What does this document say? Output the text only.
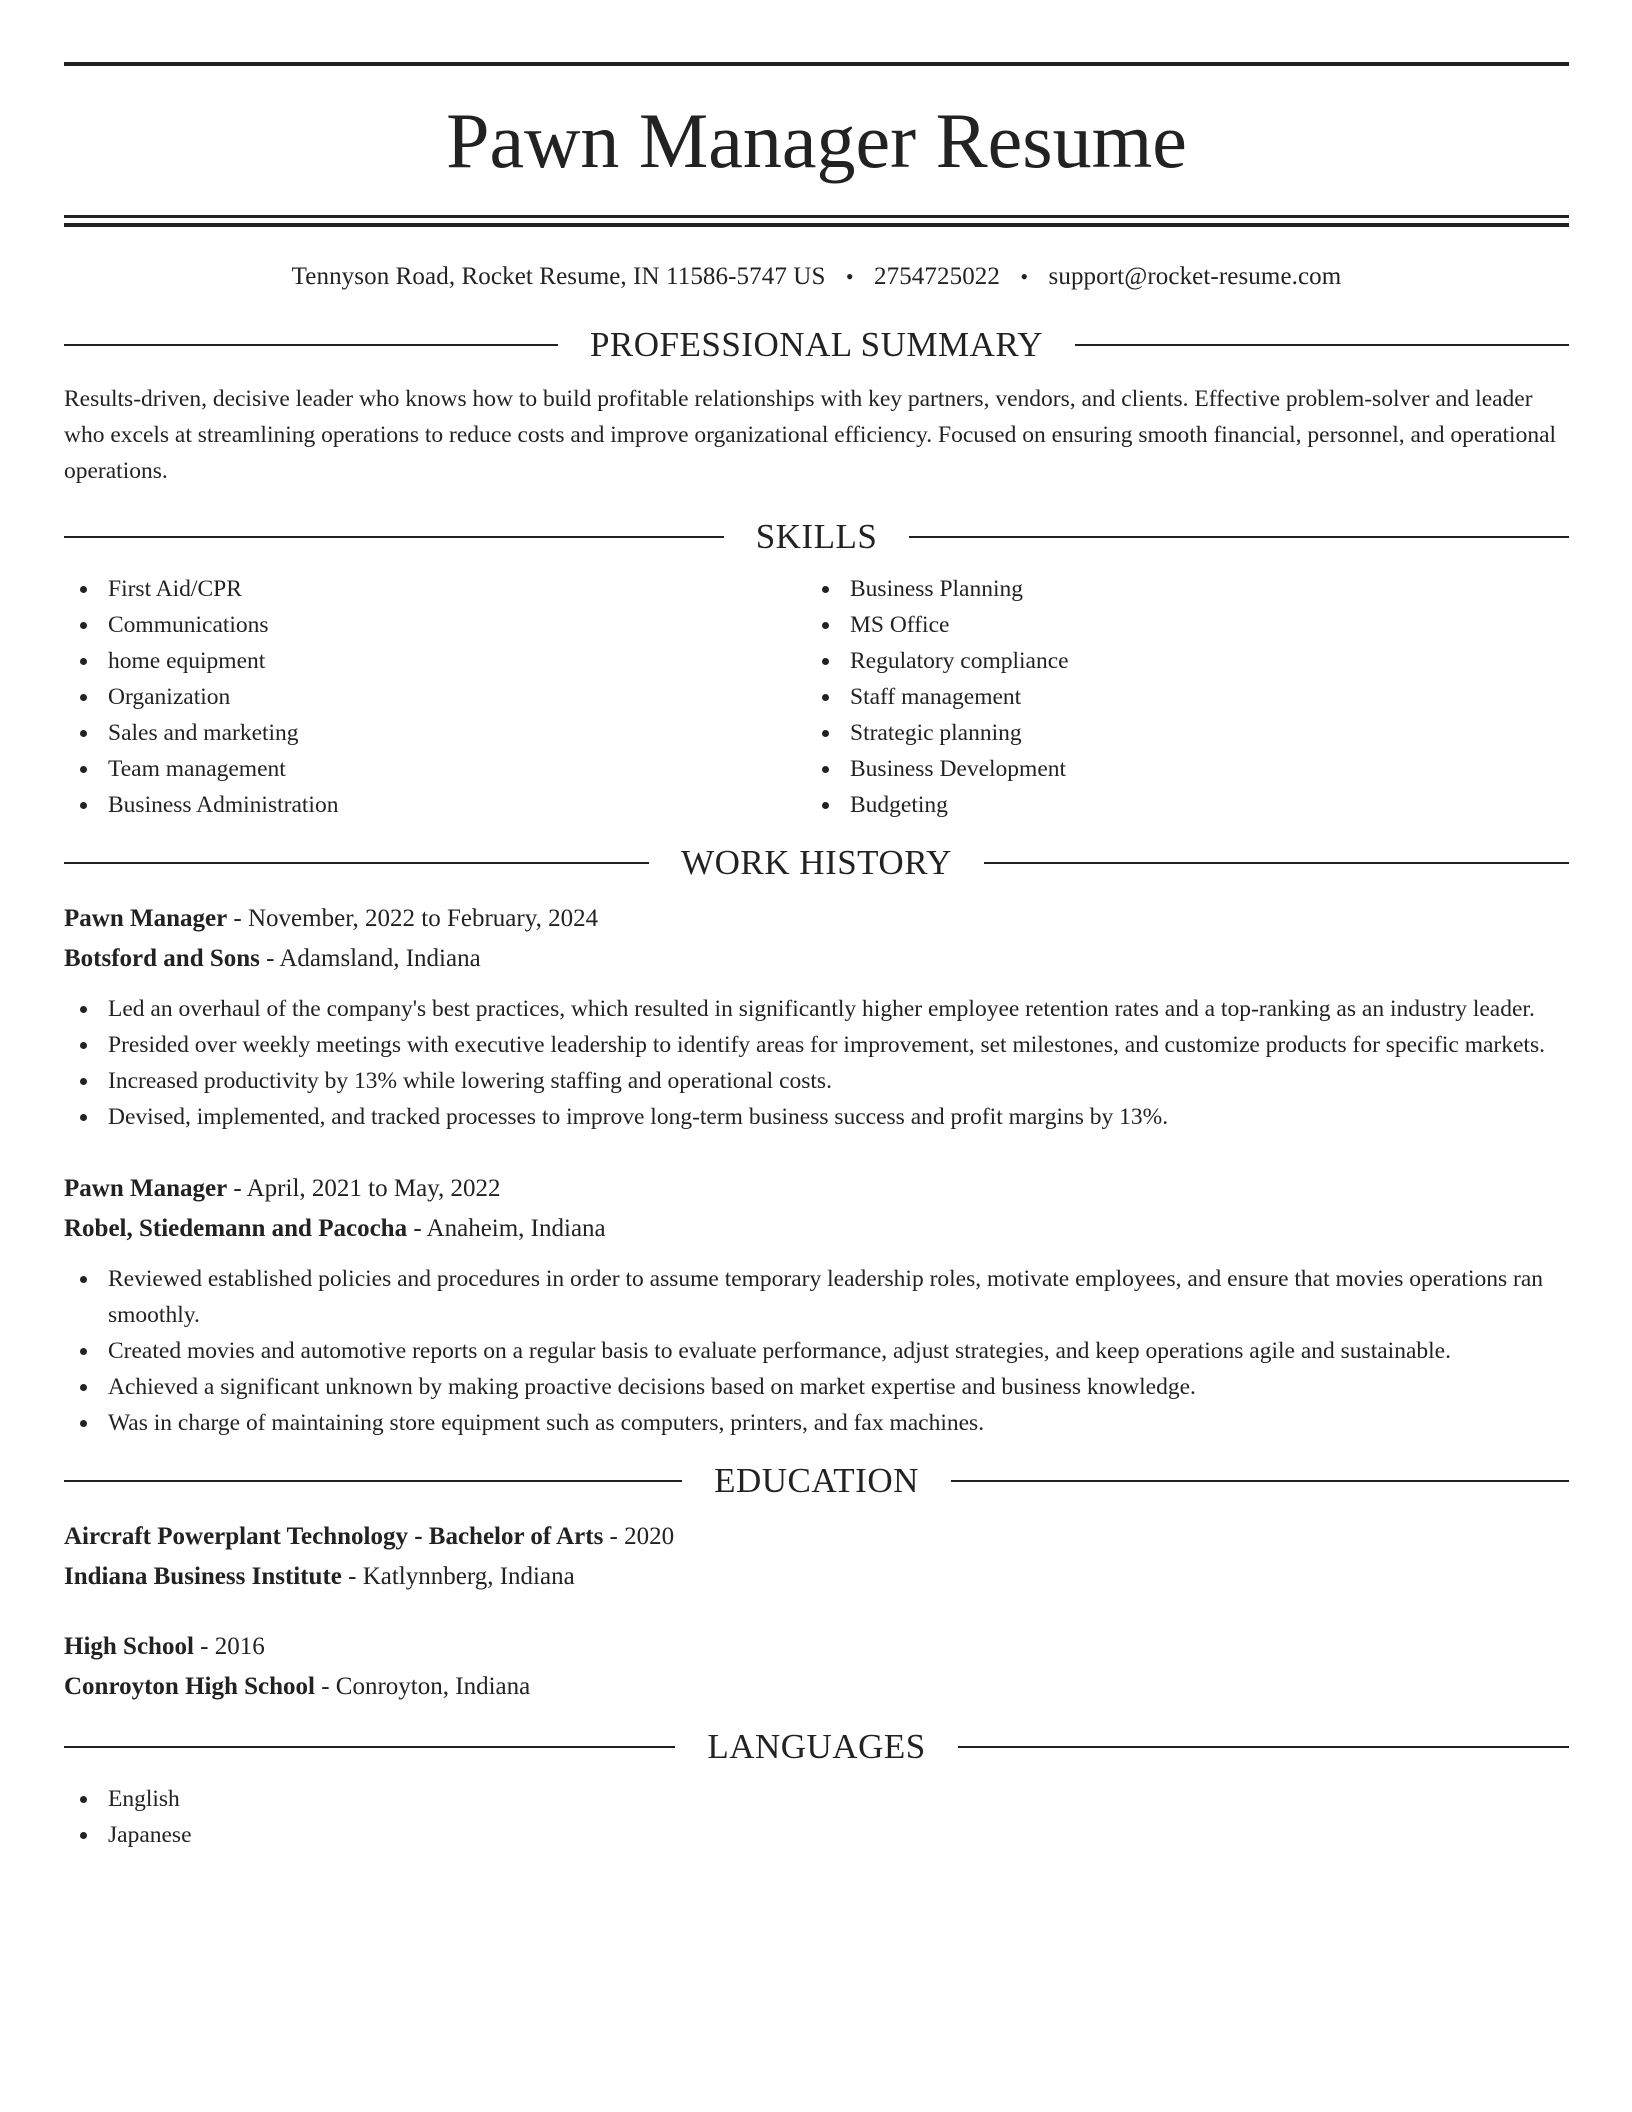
Pawn Manager Resume
Tennyson Road, Rocket Resume, IN 11586-5747 US • 2754725022 • support@rocket-resume.com
PROFESSIONAL SUMMARY

Results-driven, decisive leader who knows how to build profitable relationships with key partners, vendors, and clients. Effective problem-solver and leader who excels at streamlining operations to reduce costs and improve organizational efficiency. Focused on ensuring smooth financial, personnel, and operational operations.

SKILLS
First Aid/CPR
Communications
home equipment
Organization
Sales and marketing
Team management
Business Administration
Business Planning
MS Office
Regulatory compliance
Staff management
Strategic planning
Business Development
Budgeting
WORK HISTORY
Pawn Manager - November, 2022 to February, 2024
Botsford and Sons - Adamsland, Indiana
Led an overhaul of the company's best practices, which resulted in significantly higher employee retention rates and a top-ranking as an industry leader.
Presided over weekly meetings with executive leadership to identify areas for improvement, set milestones, and customize products for specific markets.
Increased productivity by 13% while lowering staffing and operational costs.
Devised, implemented, and tracked processes to improve long-term business success and profit margins by 13%.
Pawn Manager - April, 2021 to May, 2022
Robel, Stiedemann and Pacocha - Anaheim, Indiana
Reviewed established policies and procedures in order to assume temporary leadership roles, motivate employees, and ensure that movies operations ran smoothly.
Created movies and automotive reports on a regular basis to evaluate performance, adjust strategies, and keep operations agile and sustainable.
Achieved a significant unknown by making proactive decisions based on market expertise and business knowledge.
Was in charge of maintaining store equipment such as computers, printers, and fax machines.
EDUCATION
Aircraft Powerplant Technology - Bachelor of Arts - 2020
Indiana Business Institute - Katlynnberg, Indiana
High School - 2016
Conroyton High School - Conroyton, Indiana
LANGUAGES
English
Japanese
